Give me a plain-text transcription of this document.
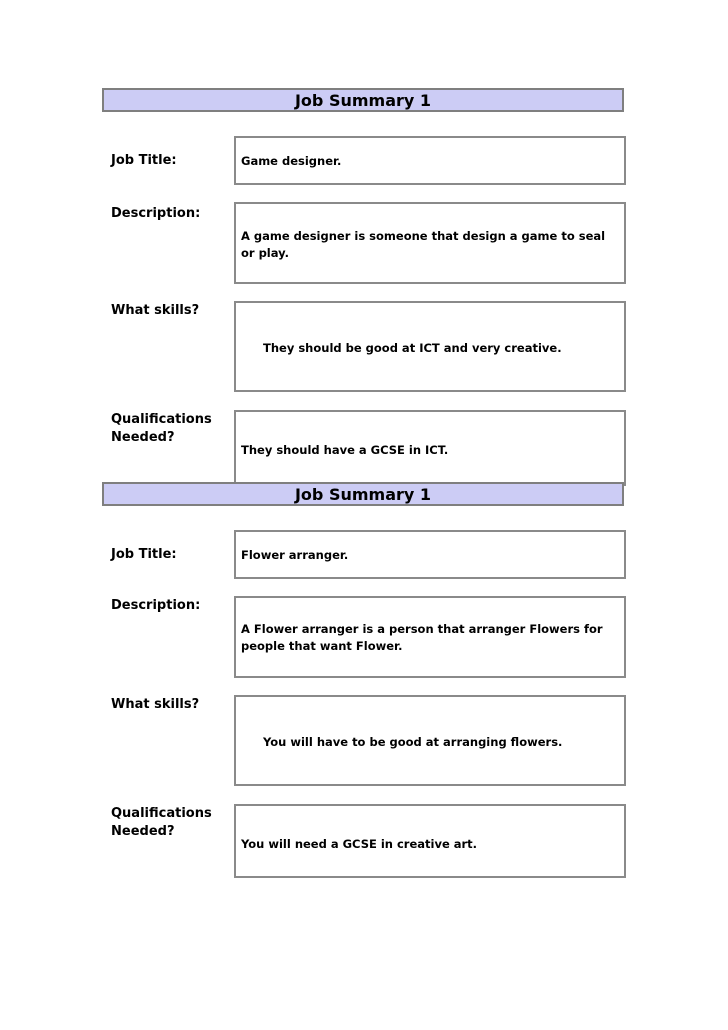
Job Summary 1
Job Title:	Game designer.
Description:
A game designer is someone that design a game to seal or play.
What skills?
They should be good at ICT and very creative.
Qualifications
Needed?
They should have a GCSE in ICT.
Job Summary 1
Job Title:	Flower arranger.
Description:
A Flower arranger is a person that arranger Flowers for people that want Flower.
What skills?
You will have to be good at arranging flowers.
Qualifications
Needed?
You will need a GCSE in creative art.
